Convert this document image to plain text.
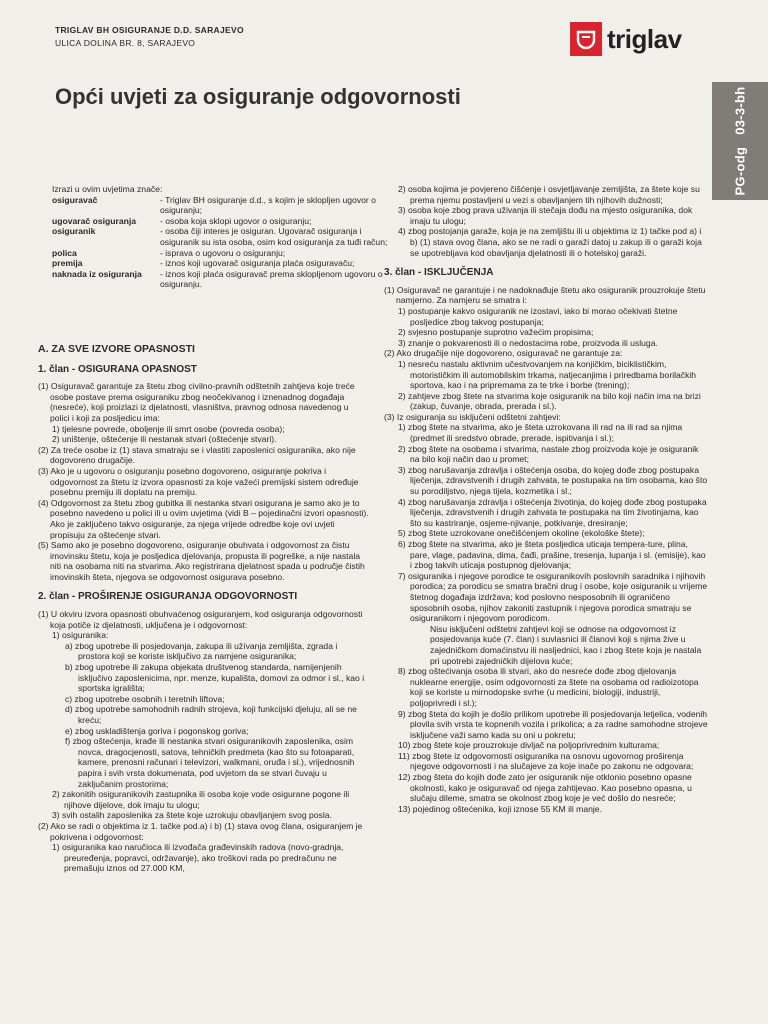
TRIGLAV BH OSIGURANJE D.D. SARAJEVO
ULICA DOLINA BR. 8, SARAJEVO	triglav
Opći uvjeti za osiguranje odgovornosti
PG-odg03-3-bh

Izrazi u ovim uvjetima znače:

osiguravač	- Triglav BH osiguranje d.d., s kojim je sklopljen ugovor o osiguranju;
ugovarač osiguranja	- osoba koja sklopi ugovor o osiguranju;
osiguranik	- osoba čiji interes je osiguran. Ugovarač osiguranja i osiguranik su ista osoba, osim kod osiguranja za tuđi račun;
polica	- isprava o ugovoru o osiguranju;
premija	- iznos koji ugovarač osiguranja plaća osiguravaču;
naknada iz osiguranja	- iznos koji plaća osiguravač prema sklopljenom ugovoru o osiguranju.

A. ZA SVE IZVORE OPASNOSTI

1. član - OSIGURANA OPASNOST

(1) Osiguravač garantuje za štetu zbog civilno-pravnih odštetnih zahtjeva koje treće osobe postave prema osiguraniku zbog neočekivanog i iznenadnog događaja (nesreće), koji proizlazi iz djelatnosti, vlasništva, pravnog odnosa navedenog u polici i koji za posljedicu ima:

1) tjelesne povrede, oboljenje ili smrt osobe (povreda osoba);

2) uništenje, oštećenje ili nestanak stvari (oštećenje stvari).

(2) Za treće osobe iz (1) stava smatraju se i vlastiti zaposlenici osiguranika, ako nije dogovoreno drugačije.

(3) Ako je u ugovoru o osiguranju posebno dogovoreno, osiguranje pokriva i odgovornost za štetu iz izvora opasnosti za koje važeći premijski sistem određuje posebnu premiju ili doplatu na premiju.

(4) Odgovornost za štetu zbog gubitka ili nestanka stvari osigurana je samo ako je to posebno navedeno u polici ili u ovim uvjetima (vidi B – pojedinačni izvori opasnosti). Ako je zaključeno takvo osiguranje, za njega vrijede odredbe koje ovi uvjeti propisuju za oštećenje stvari.

(5) Samo ako je posebno dogovoreno, osiguranje obuhvata i odgovornost za čistu imovinsku štetu, koja je posljedica djelovanja, propusta ili pogreške, a nije nastala niti na osobama niti na stvarima. Ako registrirana djelatnost spada u područje čistih imovinskih šteta, njegova se odgovornost osigurava posebno.

2. član - PROŠIRENJE OSIGURANJA ODGOVORNOSTI

(1) U okviru izvora opasnosti obuhvaćenog osiguranjem, kod osiguranja odgovornosti koja potiče iz djelatnosti, uključena je i odgovornost:

1) osiguranika:

a) zbog upotrebe ili posjedovanja, zakupa ili užívanja zemljišta, zgrada i prostora koji se koriste isključivo za namjene osiguranika;

b) zbog upotrebe ili zakupa objekata društvenog standarda, namijenjenih isključivo zaposlenicima, npr. menze, kupališta, domovi za odmor i sl., kao i sportska igrališta;

c) zbog upotrebe osobnih i teretnih liftova;

d) zbog upotrebe samohodnih radnih strojeva, koji funkcijski djeluju, ali se ne kreću;

e) zbog uskladištenja goriva i pogonskog goriva;

f) zbog oštećenja, krađe ili nestanka stvari osiguranikovih zaposlenika, osim novca, dragocjenosti, satova, tehničkih predmeta (kao što su fotoaparati, kamere, prenosni računari i televizori, walkmani, oruđa i sl.), vrijednosnih papira i svih vrsta dokumenata, pod uvjetom da se stvari čuvaju u zaključanim prostorima;

2) zakonitih osiguranikovih zastupnika ili osoba koje vode osigurane pogone ili njihove dijelove, dok imaju tu ulogu;

3) svih ostalih zaposlenika za štete koje uzrokuju obavljanjem svog posla.

(2) Ako se radi o objektima iz 1. tačke pod.a) i b) (1) stava ovog člana, osiguranjem je pokrivena i odgovornost:

1) osiguranika kao naručioca ili izvođača građevinskih radova (novo-gradnja, preuređenja, popravci, održavanje), ako troškovi rada po predračunu ne premašuju iznos od 27.000 KM,

2) osoba kojima je povjereno čišćenje i osvjetljavanje zemljišta, za štete koje su prema njemu postavljeni u vezi s obavljanjem tih njihovih dužnosti;

3) osoba koje zbog prava uživanja ili stečaja dođu na mjesto osiguranika, dok imaju tu ulogu;

4) zbog postojanja garaže, koja je na zemljištu ili u objektima iz 1) tačke pod a) i b) (1) stava ovog člana, ako se ne radi o garaži datoj u zakup ili o garaži koja se upotrebljava kod obavljanja djelatnosti ili o hotelskoj garaži.

3. član - ISKLJUČENJA

(1) Osiguravač ne garantuje i ne nadoknađuje štetu ako osiguranik prouzrokuje štetu namjerno. Za namjeru se smatra i:

1) postupanje kakvo osiguranik ne izostavi, iako bi morao očekivati štetne posljedice zbog takvog postupanja;

2) svjesno postupanje suprotno važećim propisima;

3) znanje o pokvarenosti ili o nedostacima robe, proizvoda ili usluga.

(2) Ako drugačije nije dogovoreno, osiguravač ne garantuje za:

1) nesreću nastalu aktivnim učestvovanjem na konjičkim, biciklističkim, motorističkim ili automobilskim trkama, natjecanjima i priredbama borilačkih sportova, kao i na pripremama za te trke i borbe (trening);

2) zahtjeve zbog štete na stvarima koje osiguranik na bilo koji način ima na brizi (zakup, čuvanje, obrada, prerada i sl.).

(3) Iz osiguranja su isključeni odštetni zahtjevi:

1) zbog štete na stvarima, ako je šteta uzrokovana ili rad na ili rad sa njima (predmet ili sredstvo obrade, prerade, ispitivanja i sl.);

2) zbog štete na osobama i stvarima, nastale zbog proizvoda koje je osiguranik na bilo koji način dao u promet;

3) zbog narušavanja zdravlja i oštećenja osoba, do kojeg dođe zbog postupaka liječenja, zdravstvenih i drugih zahvata, te postupaka na tim osobama, kao što su porodiljstvo, njega tijela, kozmetika i sl.;

4) zbog narušavanja zdravlja i oštećenja životinja, do kojeg dođe zbog postupaka liječenja, zdravstvenih i drugih zahvata te postupaka na tim životinjama, kao što su kastriranje, osjeme-njivanje, potkivanje, dresiranje;

5) zbog štete uzrokovane onečišćenjem okoline (ekološke štete);

6) zbog štete na stvarima, ako je šteta posljedica uticaja tempera-ture, plina, pare, vlage, padavina, dima, čađi, prašine, tresenja, lupanja i sl. (emisije), kao i zbog takvih uticaja postupnog djelovanja;

7) osiguranika i njegove porodice te osiguranikovih poslovnih saradnika i njihovih porodica; za porodicu se smatra bračni drug i osobe, koje osiguranik u vrijeme štetnog događaja izdržava; kod poslovno nesposobnih ili ograničeno sposobnih osoba, njihov zakoniti zastupnik i njegova porodica smatraju se osiguranikom i njegovom porodicom.

Nisu isključeni odštetni zahtjevi koji se odnose na odgovornost iz posjedovanja kuće (7. član) i suvlasnici ili članovi koji s njima žive u zajedničkom domaćinstvu ili nasljednici, kao i zbog štete koja je nastala pri upotrebi zajedničkih dijelova kuće;

8) zbog oštećivanja osoba ili stvari, ako do nesreće dođe zbog djelovanja nuklearne energije, osim odgovornosti za štete na osobama od radioizotopa koji se koriste u mirnodopske svrhe (u medicini, biologiji, industriji, poljoprivredi i sl.);

9) zbog šteta do kojih je došlo prilikom upotrebe ili posjedovanja letjelica, vodenih plovila svih vrsta te kopnenih vozila i prikolica; a za radne samohodne strojeve isključene važi samo kada su oni u pokretu;

10) zbog štete koje prouzrokuje divljač na poljoprivrednim kulturama;

11) zbog štete iz odgovornosti osiguranika na osnovu ugovornog proširenja njegove odgovornosti i na slučajeve za koje inače po zakonu ne odgovara;

12) zbog šteta do kojih dođe zato jer osiguranik nije otklonio posebno opasne okolnosti, kako je osiguravač od njega zahtijevao. Kao posebno opasna, u slučaju dileme, smatra se okolnost zbog koje je već došlo do nesreće;

13) pojedinog oštećenika, koji iznose 55 KM ili manje.
